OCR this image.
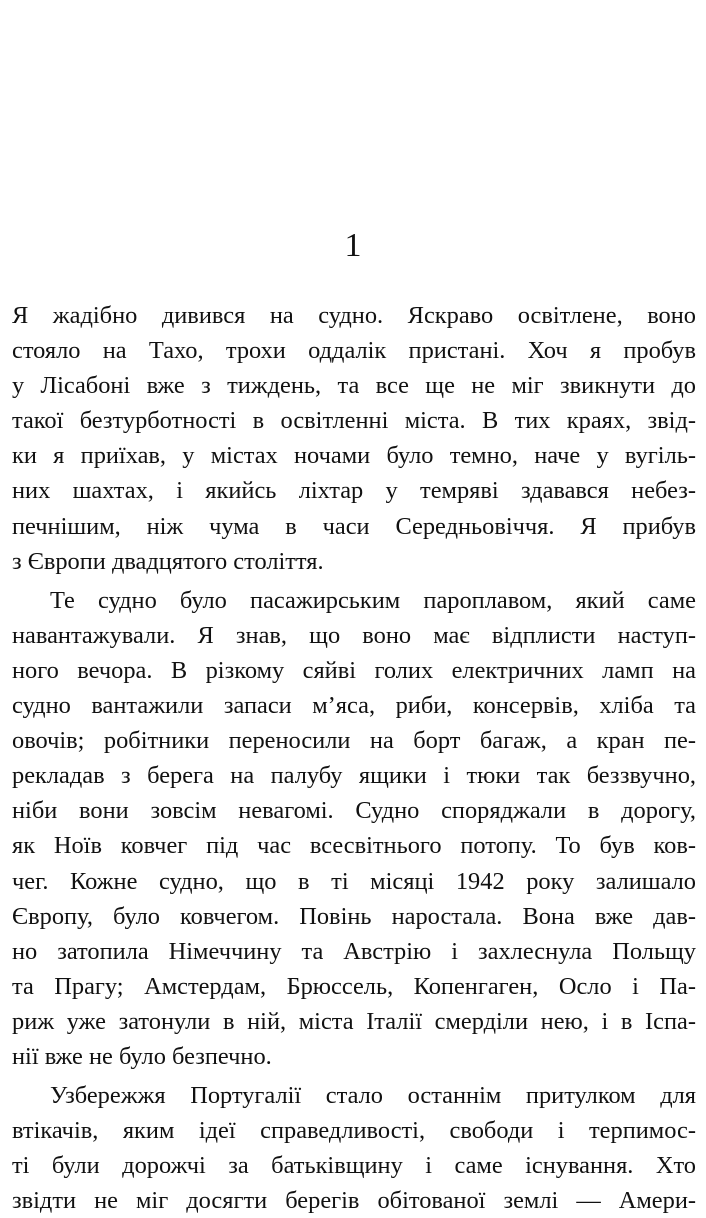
1
Я жадібно дивився на судно. Яскраво освітлене, воно
стояло на Тахо, трохи оддалік пристані. Хоч я пробув
у Лісабоні вже з тиждень, та все ще не міг звикнути до
такої безтурботності в освітленні міста. В тих краях, звід-
ки я приїхав, у містах ночами було темно, наче у вугіль-
них шахтах, і якийсь ліхтар у темряві здавався небез-
печнішим, ніж чума в часи Середньовіччя. Я прибув
з Європи двадцятого століття.
Те судно було пасажирським пароплавом, який саме
навантажували. Я знав, що воно має відплисти наступ-
ного вечора. В різкому сяйві голих електричних ламп на
судно вантажили запаси м’яса, риби, консервів, хліба та
овочів; робітники переносили на борт багаж, а кран пе-
рекладав з берега на палубу ящики і тюки так беззвучно,
ніби вони зовсім невагомі. Судно споряджали в дорогу,
як Ноїв ковчег під час всесвітнього потопу. То був ков-
чег. Кожне судно, що в ті місяці 1942 року залишало
Європу, було ковчегом. Повінь наростала. Вона вже дав-
но затопила Німеччину та Австрію і захлеснула Польщу
та Прагу; Амстердам, Брюссель, Копенгаген, Осло і Па-
риж уже затонули в ній, міста Італії смерділи нею, і в Іспа-
нії вже не було безпечно.
Узбережжя Португалії стало останнім притулком для
втікачів, яким ідеї справедливості, свободи і терпимос-
ті були дорожчі за батьківщину і саме існування. Хто
звідти не міг досягти берегів обітованої землі — Амери-
